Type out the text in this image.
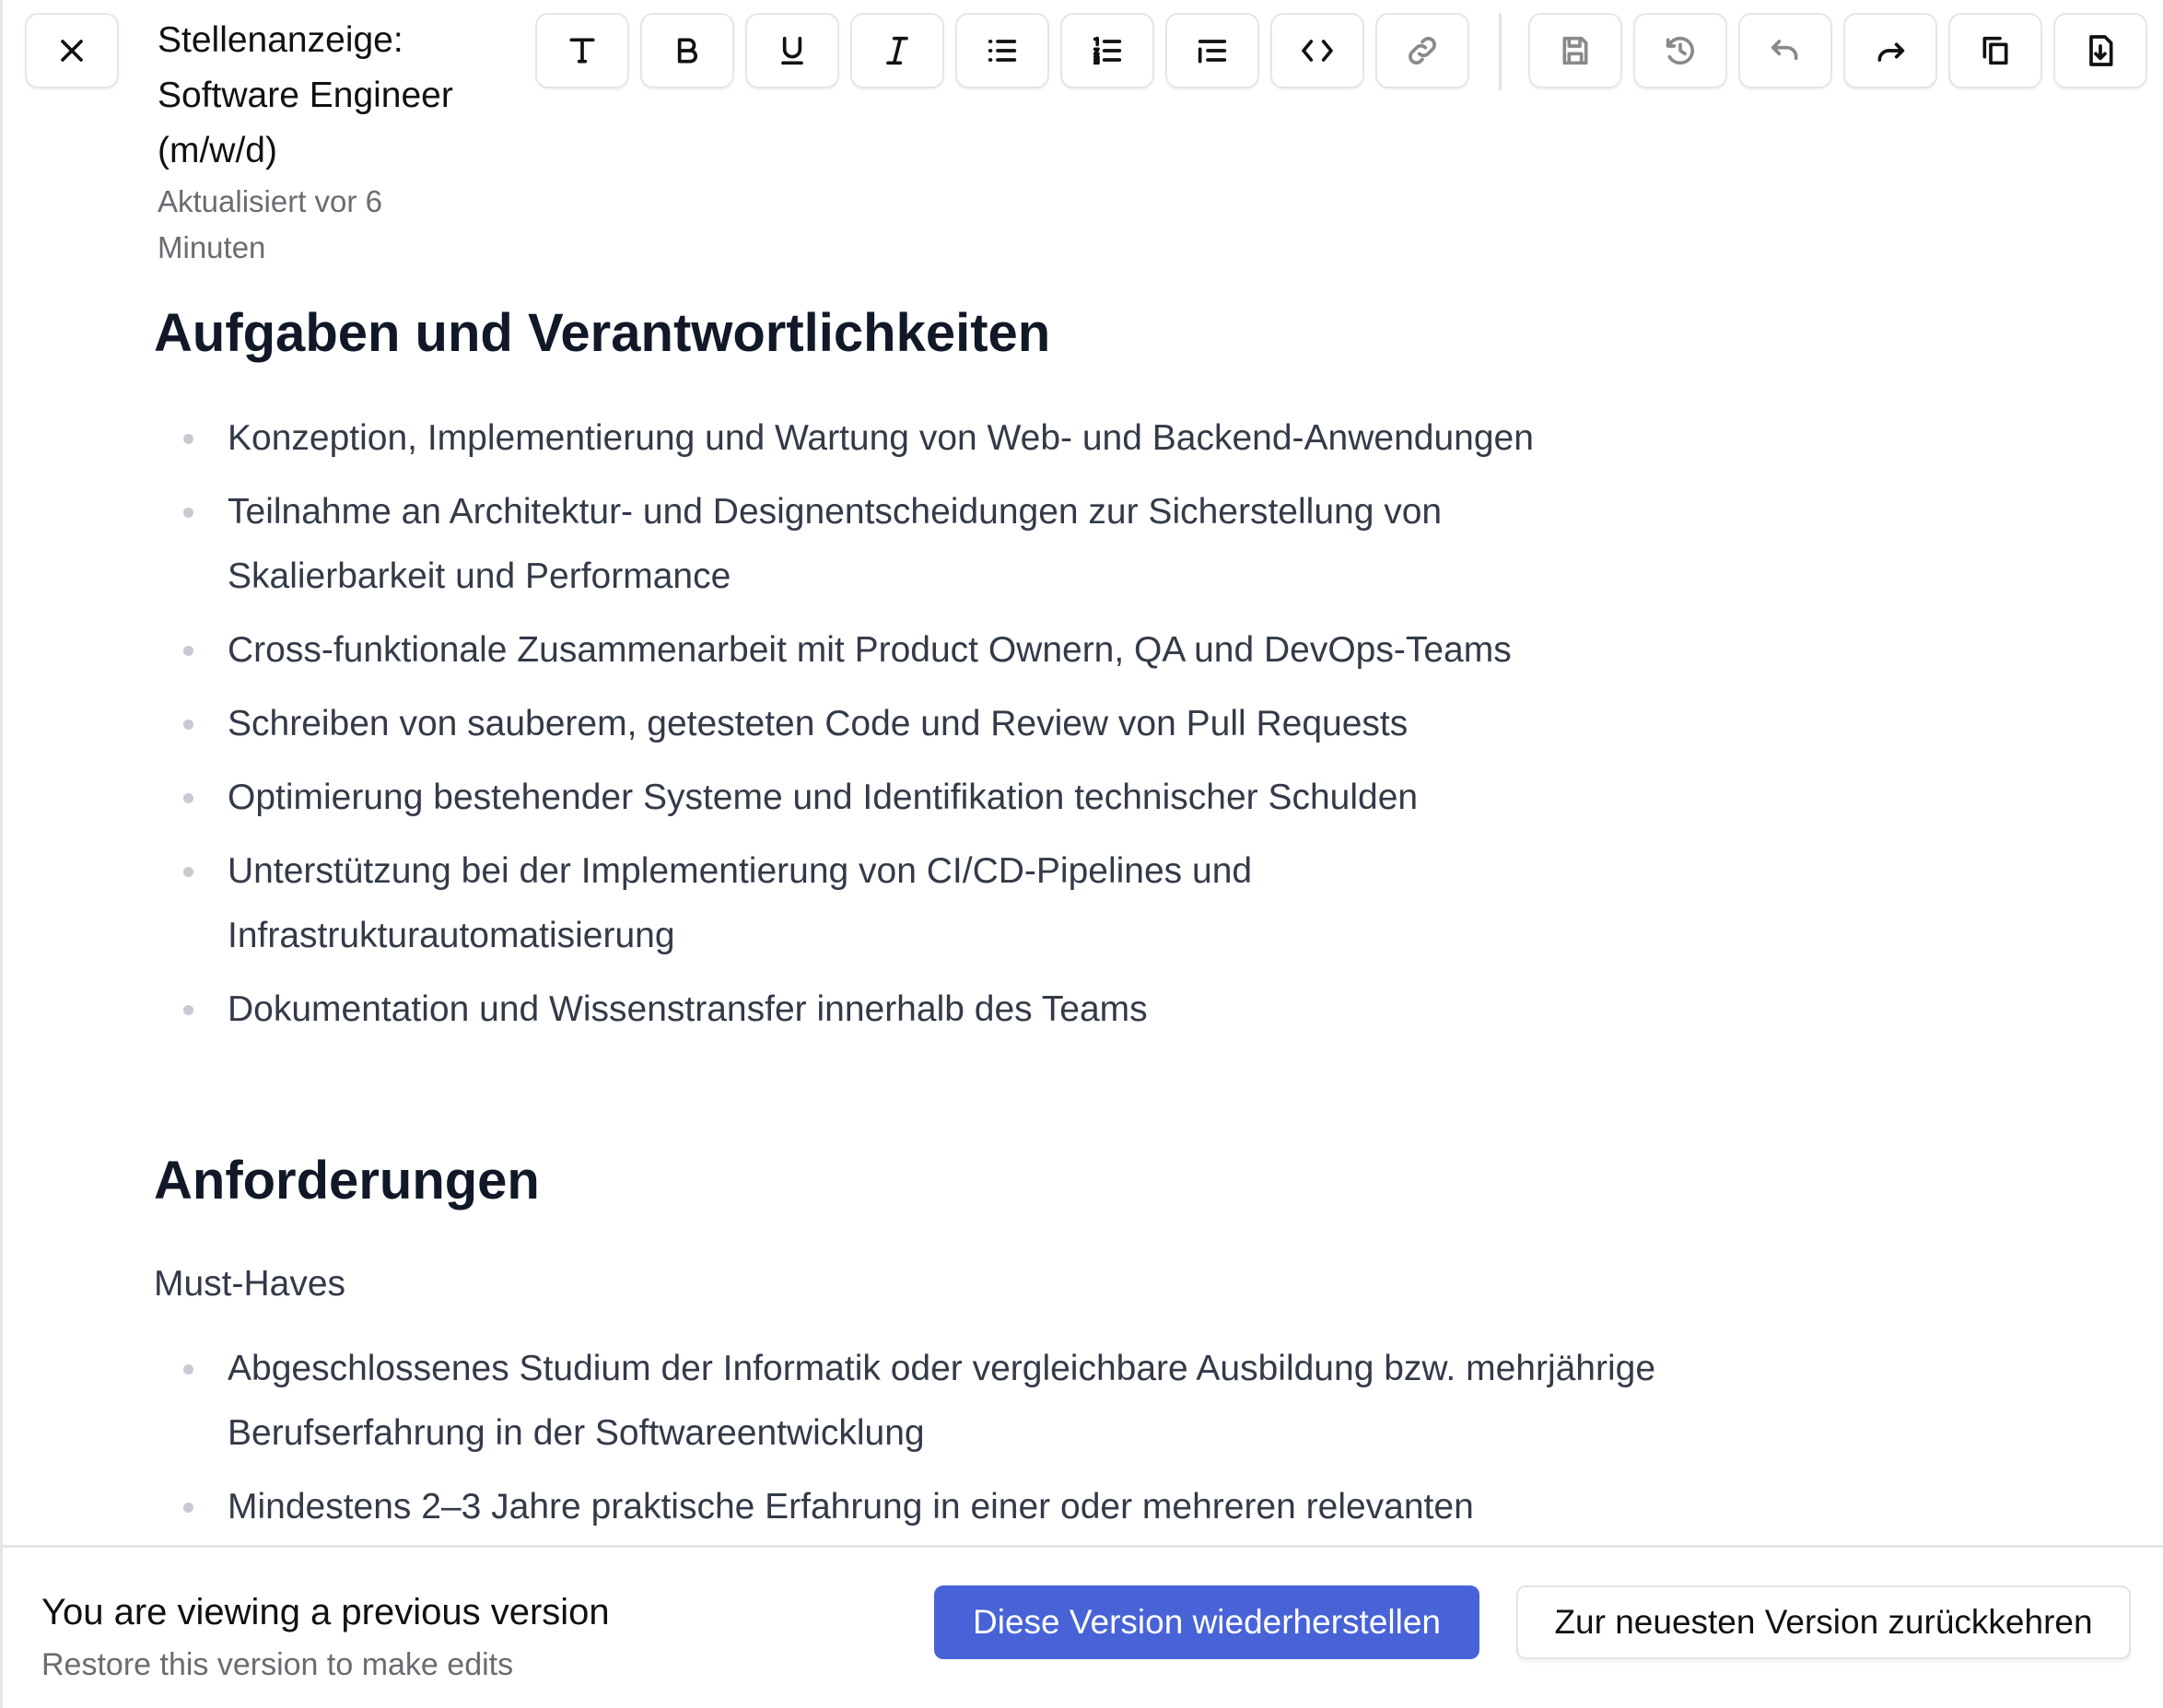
Stellenanzeige: Software Engineer (m/w/d)
Aktualisiert vor 6 Minuten
Aufgaben und Verantwortlichkeiten
Konzeption, Implementierung und Wartung von Web- und Backend-Anwendungen
Teilnahme an Architektur- und Designentscheidungen zur Sicherstellung von Skalierbarkeit und Performance
Cross-funktionale Zusammenarbeit mit Product Ownern, QA und DevOps-Teams
Schreiben von sauberem, getesteten Code und Review von Pull Requests
Optimierung bestehender Systeme und Identifikation technischer Schulden
Unterstützung bei der Implementierung von CI/CD-Pipelines und Infrastrukturautomatisierung
Dokumentation und Wissenstransfer innerhalb des Teams
Anforderungen
Must-Haves
Abgeschlossenes Studium der Informatik oder vergleichbare Ausbildung bzw. mehrjährige Berufserfahrung in der Softwareentwicklung
Mindestens 2–3 Jahre praktische Erfahrung in einer oder mehreren relevanten
You are viewing a previous version
Restore this version to make edits
Diese Version wiederherstellen	Zur neuesten Version zurückkehren
